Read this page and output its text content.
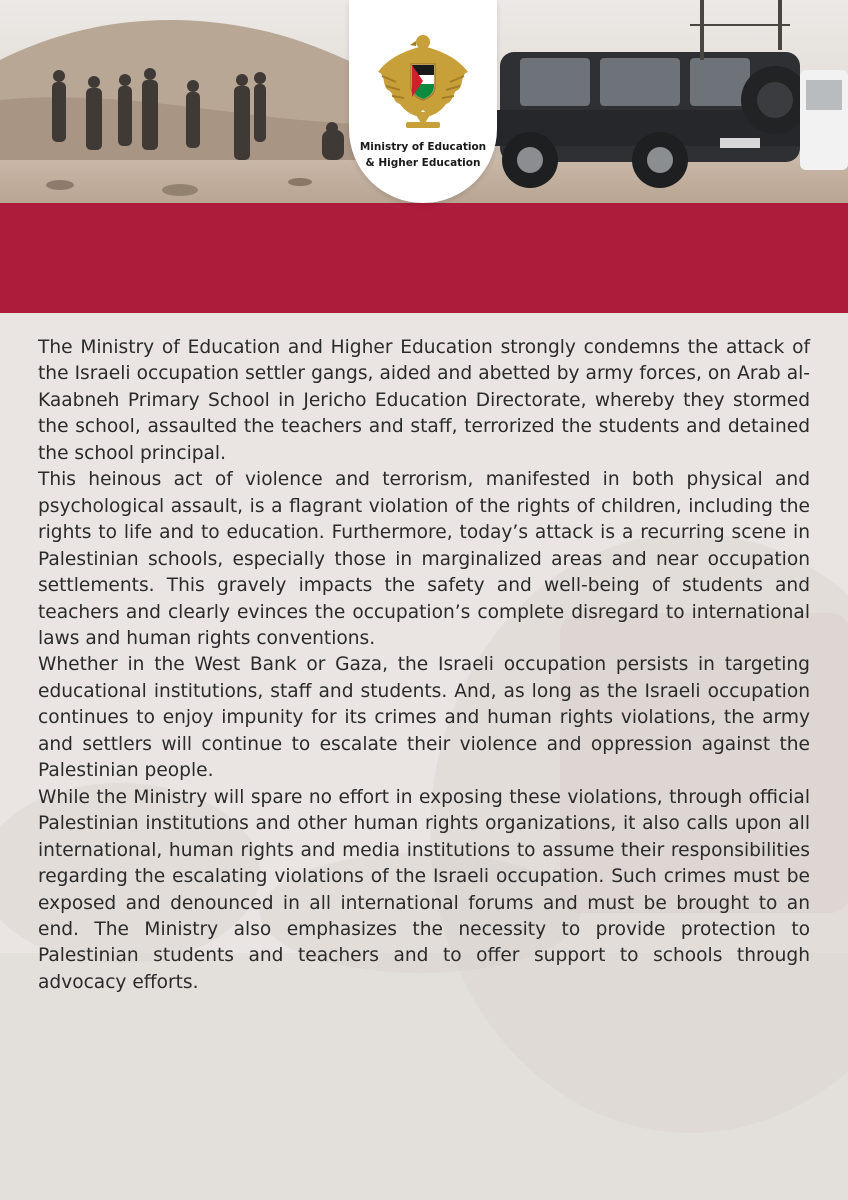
Ministry of Education
& Higher Education

The Ministry of Education and Higher Education strongly condemns the attack of the Israeli occupation settler gangs, aided and abetted by army forces, on Arab al-Kaabneh Primary School in Jericho Education Directorate, whereby they stormed the school, assaulted the teachers and staff, terrorized the students and detained the school principal.

This heinous act of violence and terrorism, manifested in both physical and psychological assault, is a flagrant violation of the rights of children, including the rights to life and to education. Furthermore, today’s attack is a recurring scene in Palestinian schools, especially those in marginalized areas and near occupation settlements. This gravely impacts the safety and well-being of students and teachers and clearly evinces the occupation’s complete disregard to international laws and human rights conventions.

Whether in the West Bank or Gaza, the Israeli occupation persists in targeting educational institutions, staff and students. And, as long as the Israeli occupation continues to enjoy impunity for its crimes and human rights violations, the army and settlers will continue to escalate their violence and oppression against the Palestinian people.

While the Ministry will spare no effort in exposing these violations, through official Palestinian institutions and other human rights organizations, it also calls upon all international, human rights and media institutions to assume their responsibilities regarding the escalating violations of the Israeli occupation. Such crimes must be exposed and denounced in all international forums and must be brought to an end. The Ministry also emphasizes the necessity to provide protection to Palestinian students and teachers and to offer support to schools through advocacy efforts.
